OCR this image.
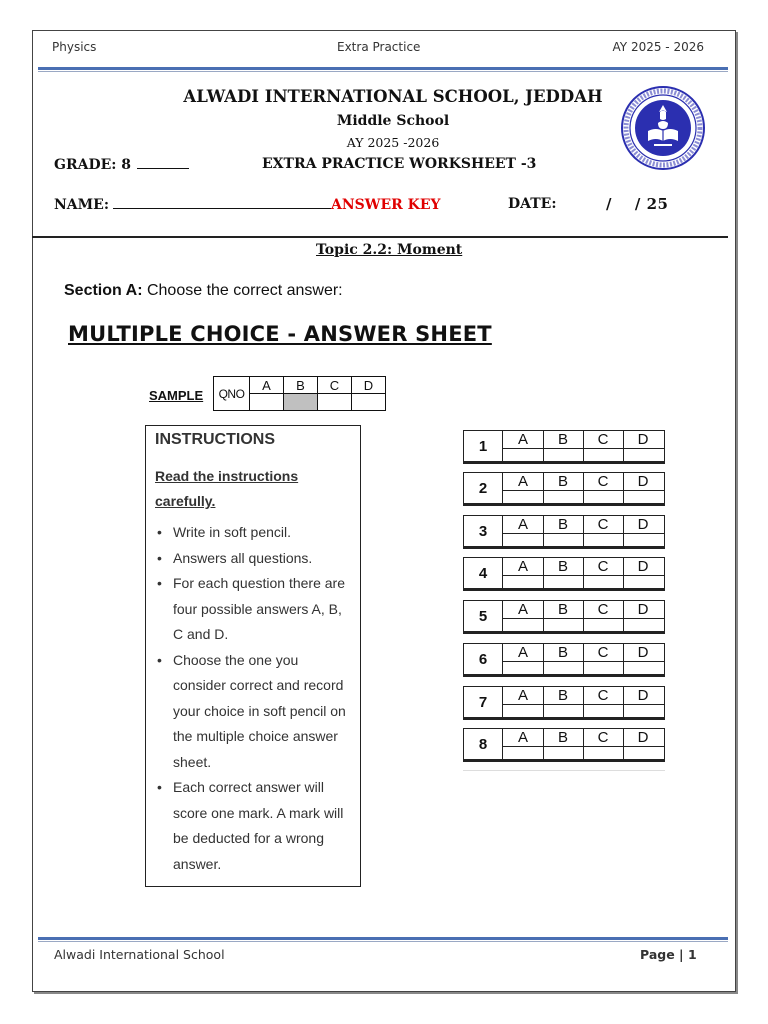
Physics	Extra Practice	AY 2025 - 2026
ALWADI INTERNATIONAL SCHOOL, JEDDAH
Middle School
AY 2025 -2026
GRADE: 8	EXTRA PRACTICE WORKSHEET -3
NAME:	ANSWER KEY	DATE:	/    / 25
Topic 2.2: Moment
Section A: Choose the correct answer:
MULTIPLE CHOICE - ANSWER SHEET
SAMPLE QNO	A	B	C	D

INSTRUCTIONS
Read the instructions carefully.
• Write in soft pencil.
• Answers all questions.
• For each question there are four possible answers A, B, C and D.
• Choose the one you consider correct and record your choice in soft pencil on the multiple choice answer sheet.
• Each correct answer will score one mark. A mark will be deducted for a wrong answer.
1	A	B	C	D
2	A	B	C	D
3	A	B	C	D
4	A	B	C	D
5	A	B	C	D
6	A	B	C	D
7	A	B	C	D
8	A	B	C	D
Alwadi International School	Page | 1
